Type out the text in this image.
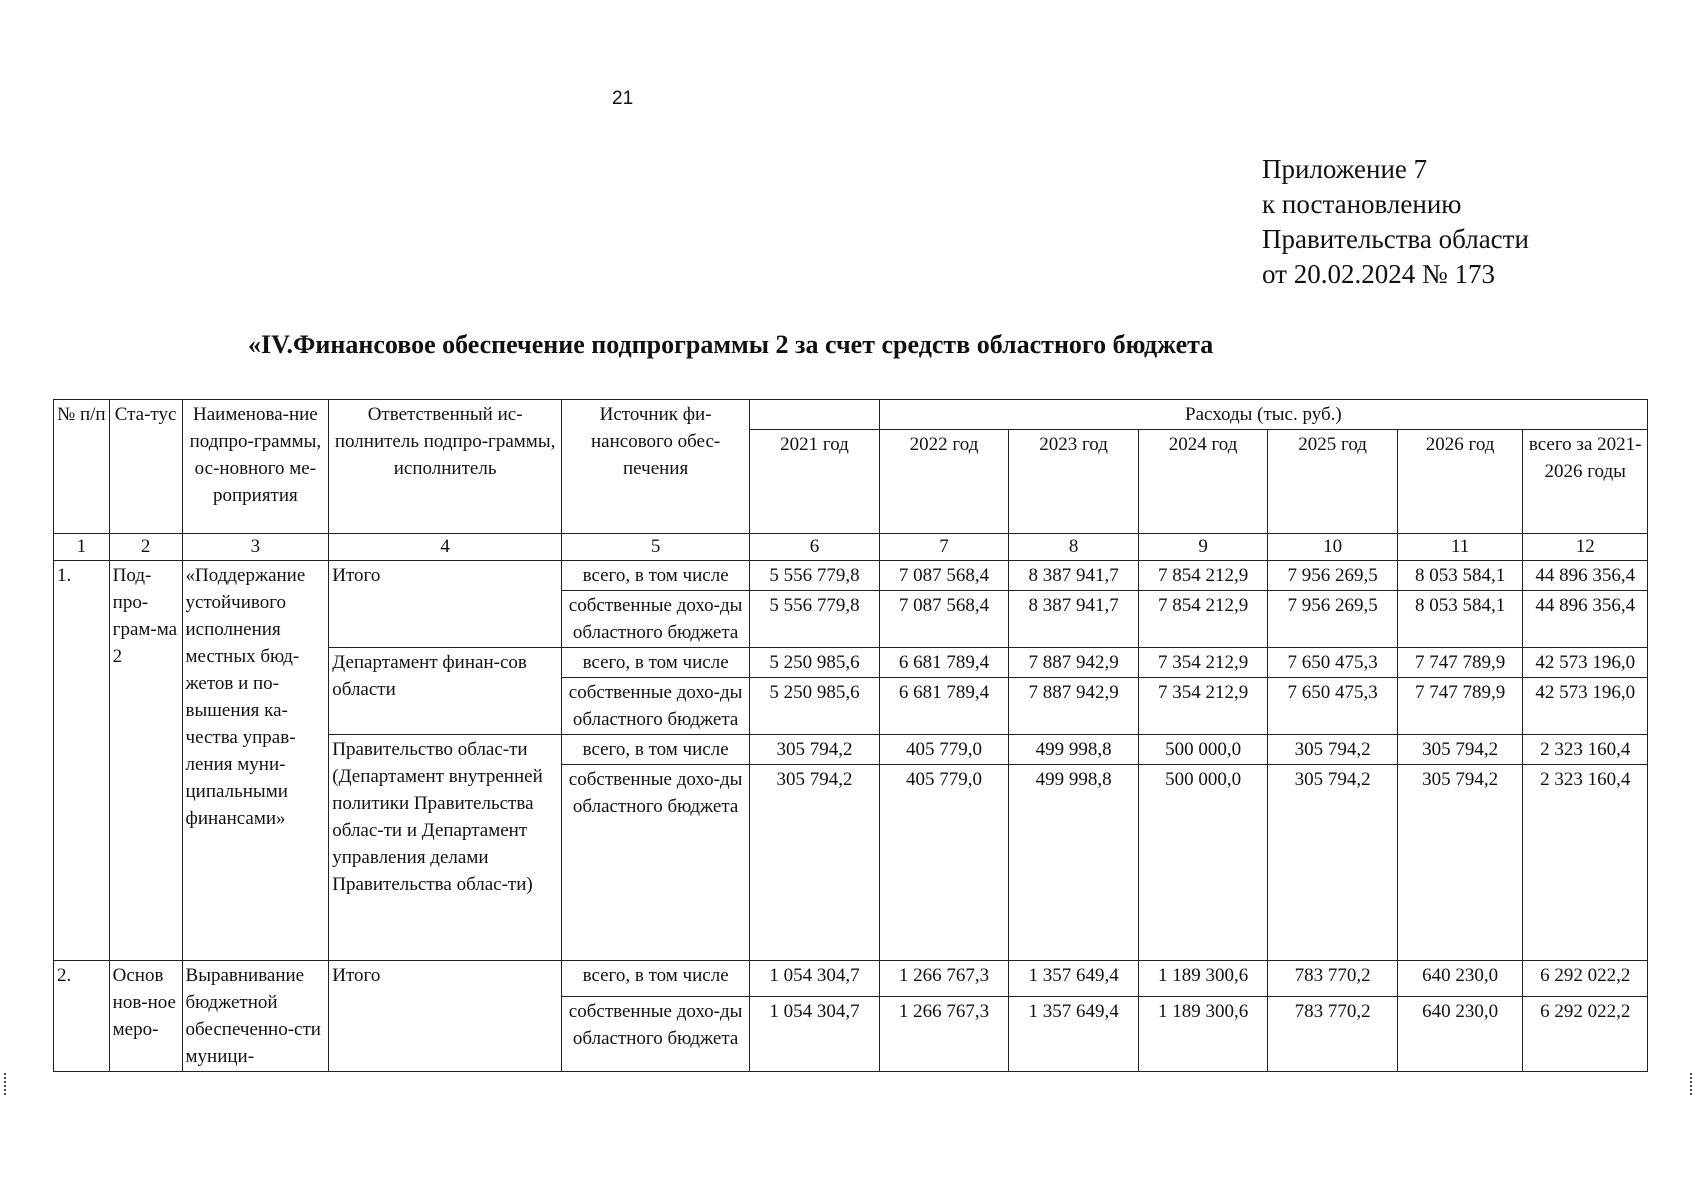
21
Приложение 7
к постановлению
Правительства области
от 20.02.2024 № 173
«IV.Финансовое обеспечение подпрограммы 2 за счет средств областного бюджета
№ п/п	Ста-тус	Наименова-ние подпро-граммы, ос-новного ме-роприятия	Ответственный ис-полнитель подпро-граммы, исполнитель	Источник фи-нансового обес-печения		Расходы (тыс. руб.)					
					2021 год	2022 год	2023 год	2024 год	2025 год	2026 год	всего за 2021-2026 годы
1	2	3	4	5	6	7	8	9	10	11	12
1.	Под-про-грам-ма 2	«Поддержание устойчивого исполнения местных бюд-жетов и по-вышения ка-чества управ-ления муни-ципальными финансами»	Итого	всего, в том числе	5 556 779,8	7 087 568,4	8 387 941,7	7 854 212,9	7 956 269,5	8 053 584,1	44 896 356,4
				собственные дохо-ды областного бюджета	5 556 779,8	7 087 568,4	8 387 941,7	7 854 212,9	7 956 269,5	8 053 584,1	44 896 356,4
			Департамент финан-сов области	всего, в том числе	5 250 985,6	6 681 789,4	7 887 942,9	7 354 212,9	7 650 475,3	7 747 789,9	42 573 196,0
				собственные дохо-ды областного бюджета	5 250 985,6	6 681 789,4	7 887 942,9	7 354 212,9	7 650 475,3	7 747 789,9	42 573 196,0
			Правительство облас-ти (Департамент внутренней политики Правительства облас-ти и Департамент управления делами Правительства облас-ти)	всего, в том числе	305 794,2	405 779,0	499 998,8	500 000,0	305 794,2	305 794,2	2 323 160,4
				собственные дохо-ды областного бюджета	305 794,2	405 779,0	499 998,8	500 000,0	305 794,2	305 794,2	2 323 160,4
2.	Основ нов-ное меро-	Выравнивание бюджетной обеспеченно-сти муници-	Итого	всего, в том числе	1 054 304,7	1 266 767,3	1 357 649,4	1 189 300,6	783 770,2	640 230,0	6 292 022,2
				собственные дохо-ды областного бюджета	1 054 304,7	1 266 767,3	1 357 649,4	1 189 300,6	783 770,2	640 230,0	6 292 022,2
